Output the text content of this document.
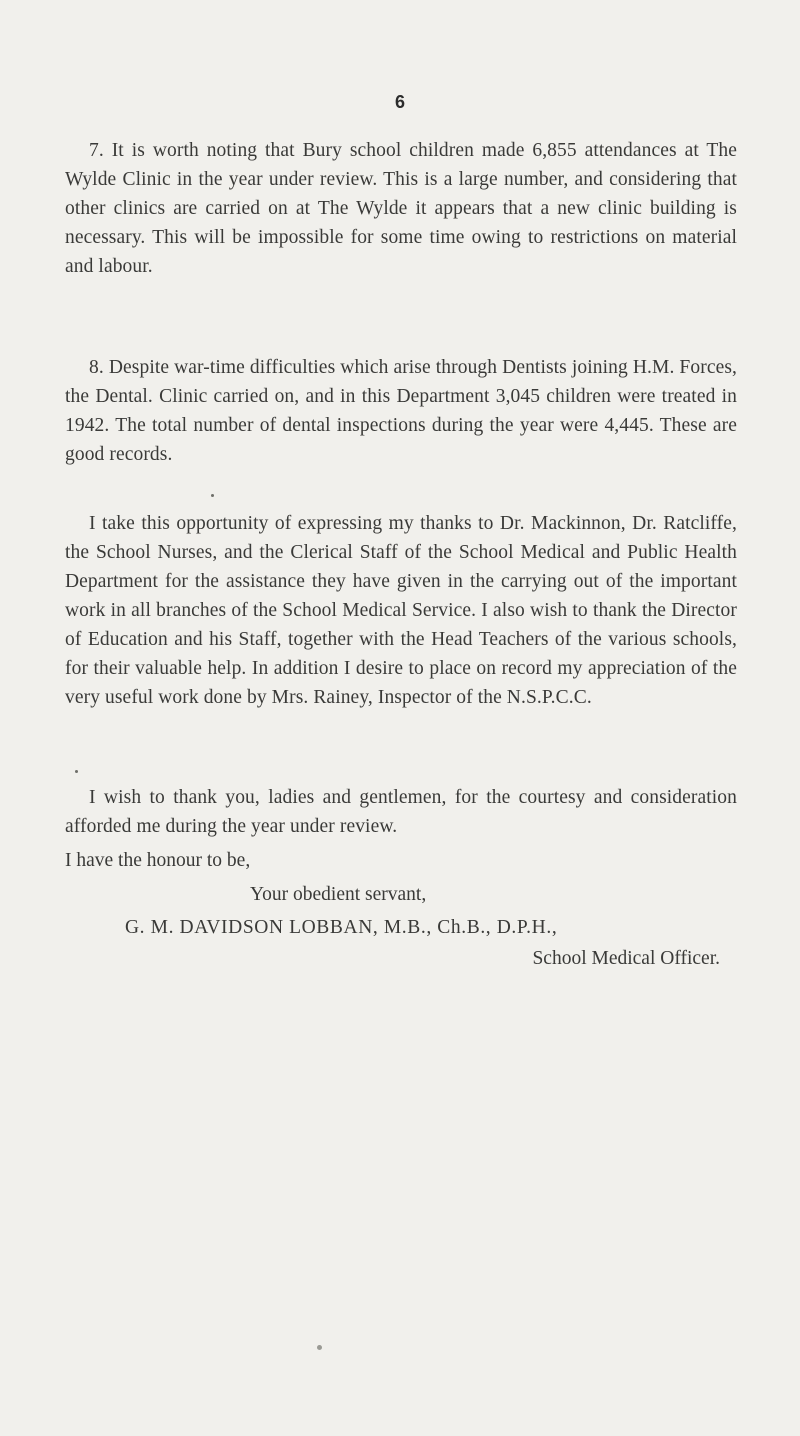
6

7. It is worth noting that Bury school children made 6,855 attendances at The Wylde Clinic in the year under review. This is a large number, and considering that other clinics are carried on at The Wylde it appears that a new clinic building is necessary. This will be impossible for some time owing to restrictions on material and labour.

8. Despite war-time difficulties which arise through Dentists joining H.M. Forces, the Dental. Clinic carried on, and in this Department 3,045 children were treated in 1942. The total number of dental inspections during the year were 4,445. These are good records.

I take this opportunity of expressing my thanks to Dr. Mackinnon, Dr. Ratcliffe, the School Nurses, and the Clerical Staff of the School Medical and Public Health Department for the assistance they have given in the carrying out of the important work in all branches of the School Medical Service. I also wish to thank the Director of Education and his Staff, together with the Head Teachers of the various schools, for their valuable help. In addition I desire to place on record my appreciation of the very useful work done by Mrs. Rainey, Inspector of the N.S.P.C.C.

I wish to thank you, ladies and gentlemen, for the courtesy and consideration afforded me during the year under review.

I have the honour to be,

Your obedient servant,

G. M. DAVIDSON LOBBAN, M.B., Ch.B., D.P.H.,

School Medical Officer.
